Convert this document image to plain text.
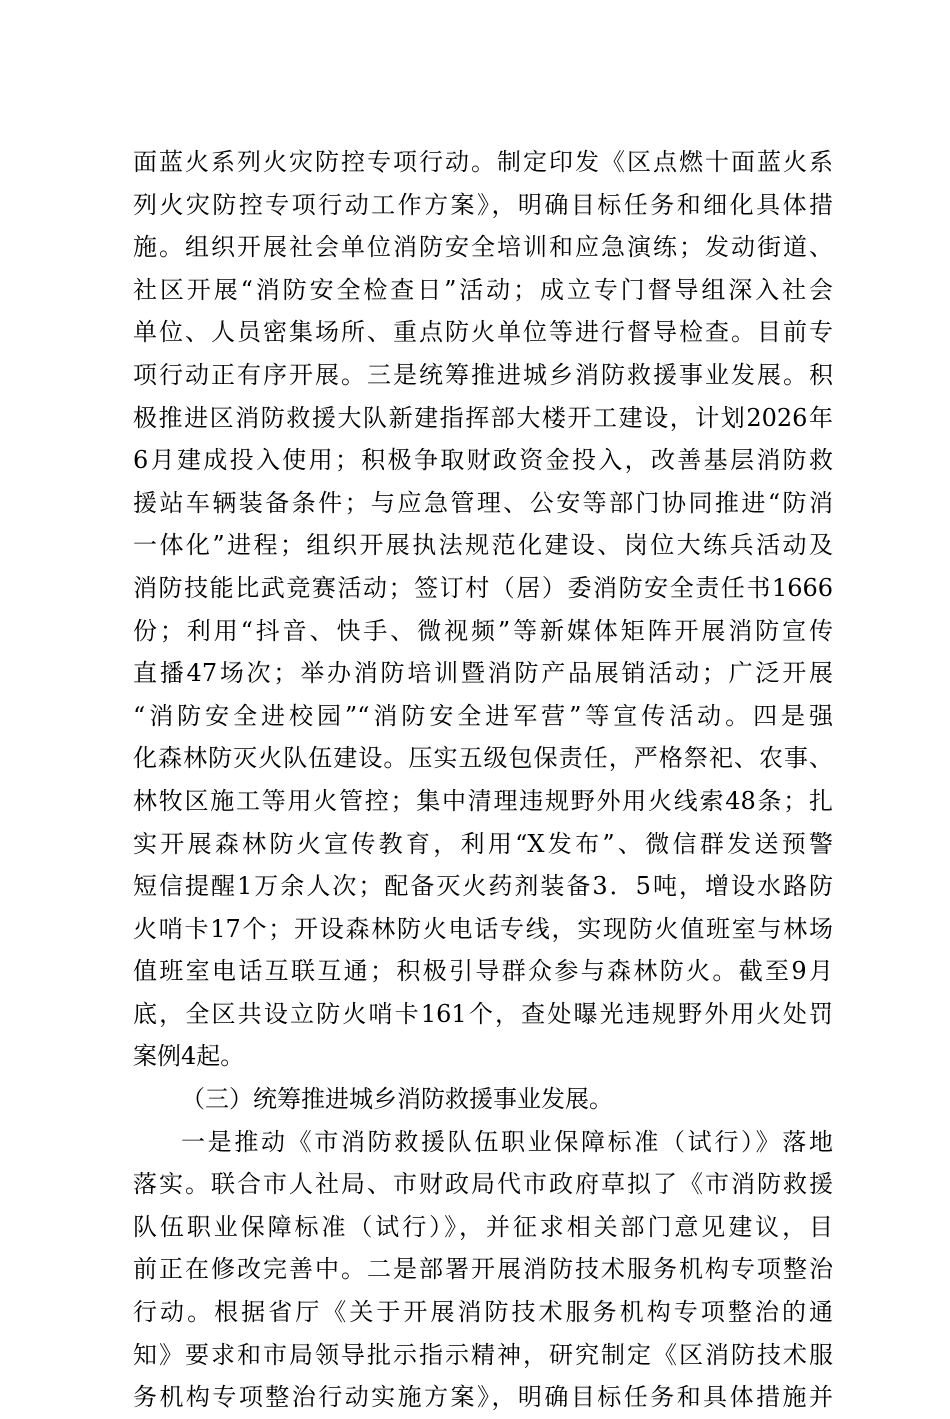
面蓝火系列火灾防控专项行动。制定印发《区点燃十面蓝火系
列火灾防控专项行动工作方案》，明确目标任务和细化具体措
施。组织开展社会单位消防安全培训和应急演练；发动街道、
社区开展“消防安全检查日”活动；成立专门督导组深入社会
单位、人员密集场所、重点防火单位等进行督导检查。目前专
项行动正有序开展。三是统筹推进城乡消防救援事业发展。积
极推进区消防救援大队新建指挥部大楼开工建设，计划2026年
6月建成投入使用；积极争取财政资金投入，改善基层消防救
援站车辆装备条件；与应急管理、公安等部门协同推进“防消
一体化”进程；组织开展执法规范化建设、岗位大练兵活动及
消防技能比武竞赛活动；签订村（居）委消防安全责任书1666
份；利用“抖音、快手、微视频”等新媒体矩阵开展消防宣传
直播47场次；举办消防培训暨消防产品展销活动；广泛开展
“消防安全进校园”“消防安全进军营”等宣传活动。四是强
化森林防灭火队伍建设。压实五级包保责任，严格祭祀、农事、
林牧区施工等用火管控；集中清理违规野外用火线索48条；扎
实开展森林防火宣传教育，利用“X发布”、微信群发送预警
短信提醒1万余人次；配备灭火药剂装备3．5吨，增设水路防
火哨卡17个；开设森林防火电话专线，实现防火值班室与林场
值班室电话互联互通；积极引导群众参与森林防火。截至9月
底，全区共设立防火哨卡161个，查处曝光违规野外用火处罚
案例4起。
（三）统筹推进城乡消防救援事业发展。
一是推动《市消防救援队伍职业保障标准（试行）》落地
落实。联合市人社局、市财政局代市政府草拟了《市消防救援
队伍职业保障标准（试行）》，并征求相关部门意见建议，目
前正在修改完善中。二是部署开展消防技术服务机构专项整治
行动。根据省厅《关于开展消防技术服务机构专项整治的通
知》要求和市局领导批示指示精神，研究制定《区消防技术服
务机构专项整治行动实施方案》，明确目标任务和具体措施并
